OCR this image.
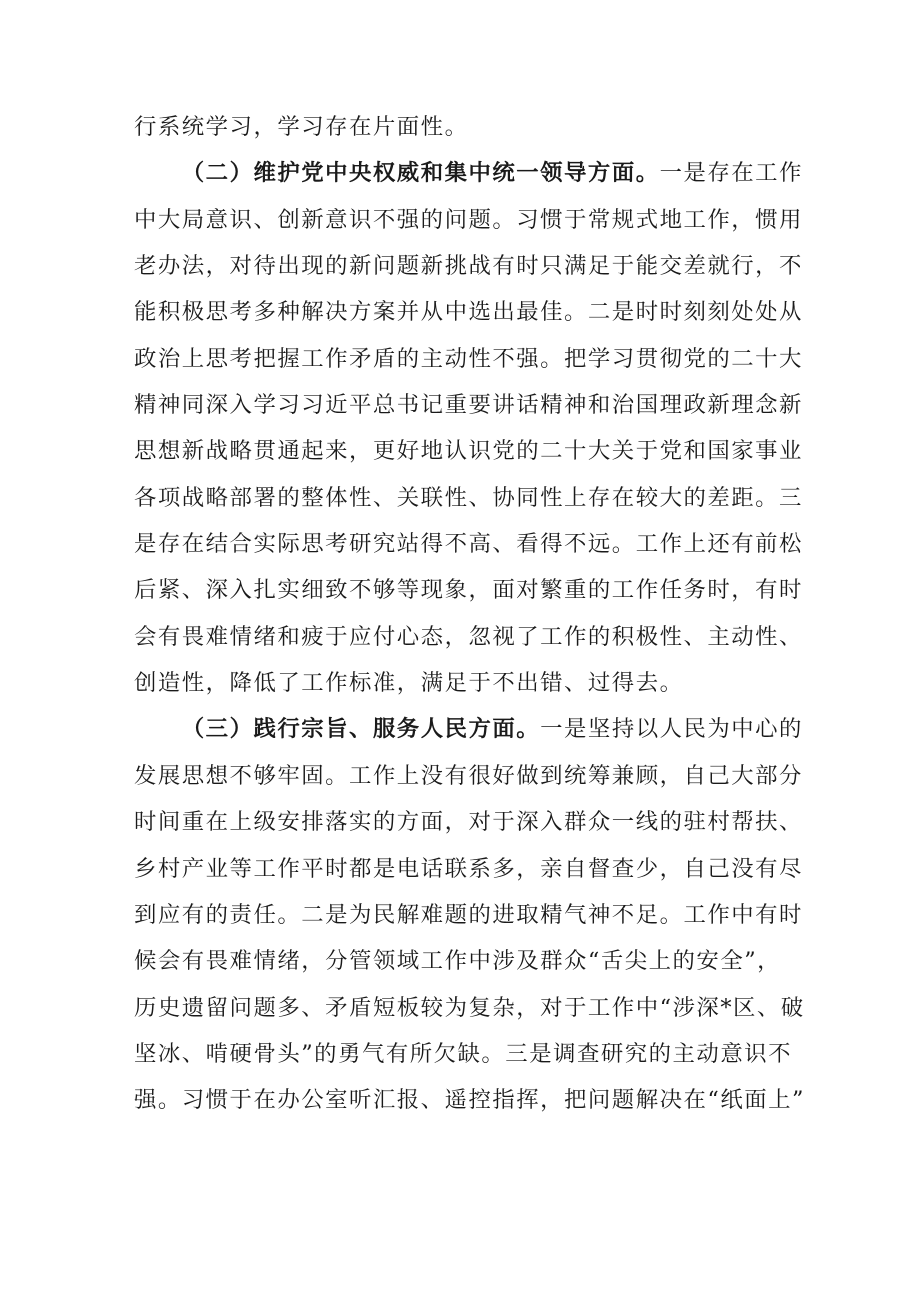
行系统学习，学习存在片面性。
（二）维护党中央权威和集中统一领导方面。一是存在工作
中大局意识、创新意识不强的问题。习惯于常规式地工作，惯用
老办法，对待出现的新问题新挑战有时只满足于能交差就行，不
能积极思考多种解决方案并从中选出最佳。二是时时刻刻处处从
政治上思考把握工作矛盾的主动性不强。把学习贯彻党的二十大
精神同深入学习习近平总书记重要讲话精神和治国理政新理念新
思想新战略贯通起来，更好地认识党的二十大关于党和国家事业
各项战略部署的整体性、关联性、协同性上存在较大的差距。三
是存在结合实际思考研究站得不高、看得不远。工作上还有前松
后紧、深入扎实细致不够等现象，面对繁重的工作任务时，有时
会有畏难情绪和疲于应付心态，忽视了工作的积极性、主动性、
创造性，降低了工作标准，满足于不出错、过得去。
（三）践行宗旨、服务人民方面。一是坚持以人民为中心的
发展思想不够牢固。工作上没有很好做到统筹兼顾，自己大部分
时间重在上级安排落实的方面，对于深入群众一线的驻村帮扶、
乡村产业等工作平时都是电话联系多，亲自督查少，自己没有尽
到应有的责任。二是为民解难题的进取精气神不足。工作中有时
候会有畏难情绪，分管领域工作中涉及群众“舌尖上的安全”，
历史遗留问题多、矛盾短板较为复杂，对于工作中“涉深*区、破
坚冰、啃硬骨头”的勇气有所欠缺。三是调查研究的主动意识不
强。习惯于在办公室听汇报、遥控指挥，把问题解决在“纸面上”
